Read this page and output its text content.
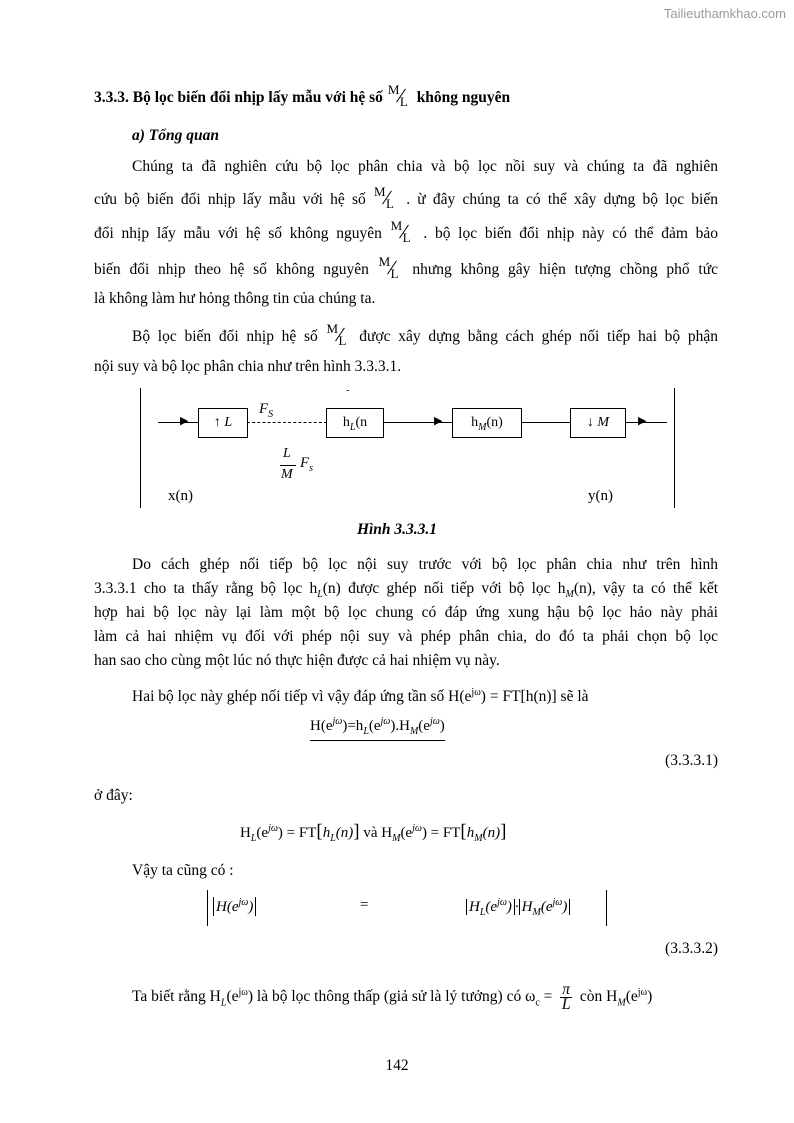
Tailieuthamkhao.com
3.3.3. Bộ lọc biến đổi nhịp lấy mẫu với hệ số M
L không nguyên
a) Tổng quan
Chúng ta đã nghiên cứu bộ lọc phân chia và bộ lọc nồi suy và chúng ta đã nghiên
cứu bộ biến đổi nhịp lấy mẫu với hệ số M
L . ừ đây chúng ta có thể xây dựng bộ lọc biến
đổi nhịp lấy mẫu với hệ số không nguyên M
L . bộ lọc biến đổi nhịp này có thể đảm bảo
biến đổi nhịp theo hệ số không nguyên M
L nhưng không gây hiện tượng chồng phổ tức
là không làm hư hỏng thông tin của chúng ta.
Bộ lọc biến đổi nhịp hệ số M
L được xây dựng bằng cách ghép nối tiếp hai bộ phận
nội suy và bộ lọc phân chia như trên hình 3.3.3.1.
-
▶	↑ L
$F_S$
$h_L(n$	▶	$h_M(n)$	↓ M	▶
L
M
$F_s$
x(n)	y(n)
Hình 3.3.3.1
Do cách ghép nối tiếp bộ lọc nội suy trước với bộ lọc phân chia như trên hình
3.3.3.1 cho ta thấy rằng bộ lọc $h_L(n)$ được ghép nối tiếp với bộ lọc $h_M(n)$, vậy ta có thể kết
hợp hai bộ lọc này lại làm một bộ lọc chung có đáp ứng xung hậu bộ lọc hảo này phải
làm cả hai nhiệm vụ đối với phép nội suy và phép phân chia, do đó ta phải chọn bộ lọc
han sao cho cùng một lúc nó thực hiện được cả hai nhiệm vụ này.
Hai bộ lọc này ghép nối tiếp vì vậy đáp ứng tần số $H(e^{j\omega}) = FT[h(n)]$ sẽ là
$H(e^{j\omega})=h_L(e^{j\omega}).H_M(e^{j\omega})$
(3.3.3.1)
ở đây:
$H_L(e^{j\omega}) = FT[h_L(n)]$ và $H_M(e^{j\omega}) = FT[h_M(n)]$
Vậy ta cũng có :
$H(e^{j\omega})$	=	$H_L(e^{j\omega}) \cdot H_M(e^{j\omega})$
(3.3.3.2)
Ta biết rằng $H_L(e^{j\omega})$ là bộ lọc thông thấp (giả sử là lý tưởng) có $\omega_c = \frac{\pi}{L}$ còn $H_M(e^{j\omega})$
142
